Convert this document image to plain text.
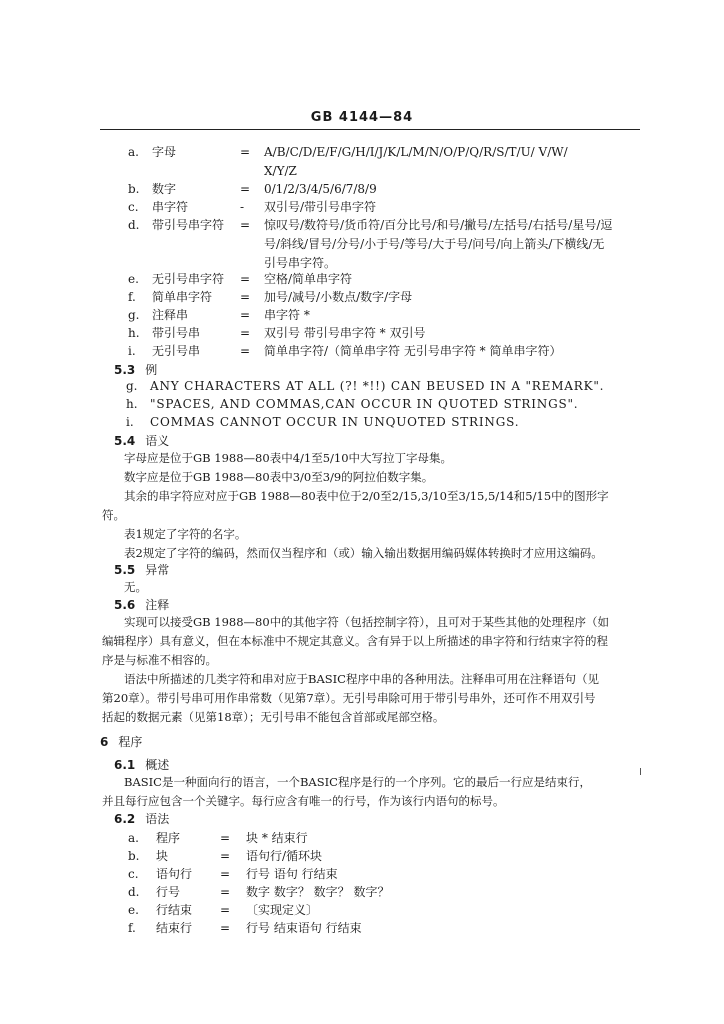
GB 4144—84
a. 字母	= A/B/C/D/E/F/G/H/I/J/K/L/M/N/O/P/Q/R/S/T/U/ V/W/
X/Y/Z
b. 数字	= 0/1/2/3/4/5/6/7/8/9
c. 串字符	- 双引号/带引号串字符
d. 带引号串字符 = 惊叹号/数符号/货币符/百分比号/和号/撇号/左括号/右括号/星号/逗
号/斜线/冒号/分号/小于号/等号/大于号/问号/向上箭头/下横线/无
引号串字符。
e. 无引号串字符 = 空格/简单串字符
f. 简单串字符 = 加号/减号/小数点/数字/字母
g. 注释串	= 串字符 *
h. 带引号串	= 双引号 带引号串字符 * 双引号
i. 无引号串	= 简单串字符/（简单串字符 无引号串字符 * 简单串字符）
5.3 例
g. ANY CHARACTERS AT ALL (?! *!!) CAN BEUSED IN A "REMARK".
h. "SPACES, AND COMMAS,CAN OCCUR IN QUOTED STRINGS".
i. COMMAS CANNOT OCCUR IN UNQUOTED STRINGS.
5.4 语义
字母应是位于GB 1988—80表中4/1至5/10中大写拉丁字母集。
数字应是位于GB 1988—80表中3/0至3/9的阿拉伯数字集。
其余的串字符应对应于GB 1988—80表中位于2/0至2/15,3/10至3/15,5/14和5/15中的图形字
符。
表1规定了字符的名字。
表2规定了字符的编码，然而仅当程序和（或）输入输出数据用编码媒体转换时才应用这编码。
5.5 异常
无。
5.6 注释
实现可以接受GB 1988—80中的其他字符（包括控制字符），且可对于某些其他的处理程序（如
编辑程序）具有意义，但在本标准中不规定其意义。含有异于以上所描述的串字符和行结束字符的程
序是与标准不相容的。
语法中所描述的几类字符和串对应于BASIC程序中串的各种用法。注释串可用在注释语句（见
第20章）。带引号串可用作串常数（见第7章）。无引号串除可用于带引号串外，还可作不用双引号
括起的数据元素（见第18章）；无引号串不能包含首部或尾部空格。
6 程序
6.1 概述
BASIC是一种面向行的语言，一个BASIC程序是行的一个序列。它的最后一行应是结束行，
并且每行应包含一个关键字。每行应含有唯一的行号，作为该行内语句的标号。
6.2 语法
a. 程序	= 块 * 结束行
b. 块	= 语句行/循环块
c. 语句行 = 行号 语句 行结束
d. 行号	= 数字 数字？ 数字？ 数字？
e. 行结束 = 〔实现定义〕
f. 结束行 = 行号 结束语句 行结束
